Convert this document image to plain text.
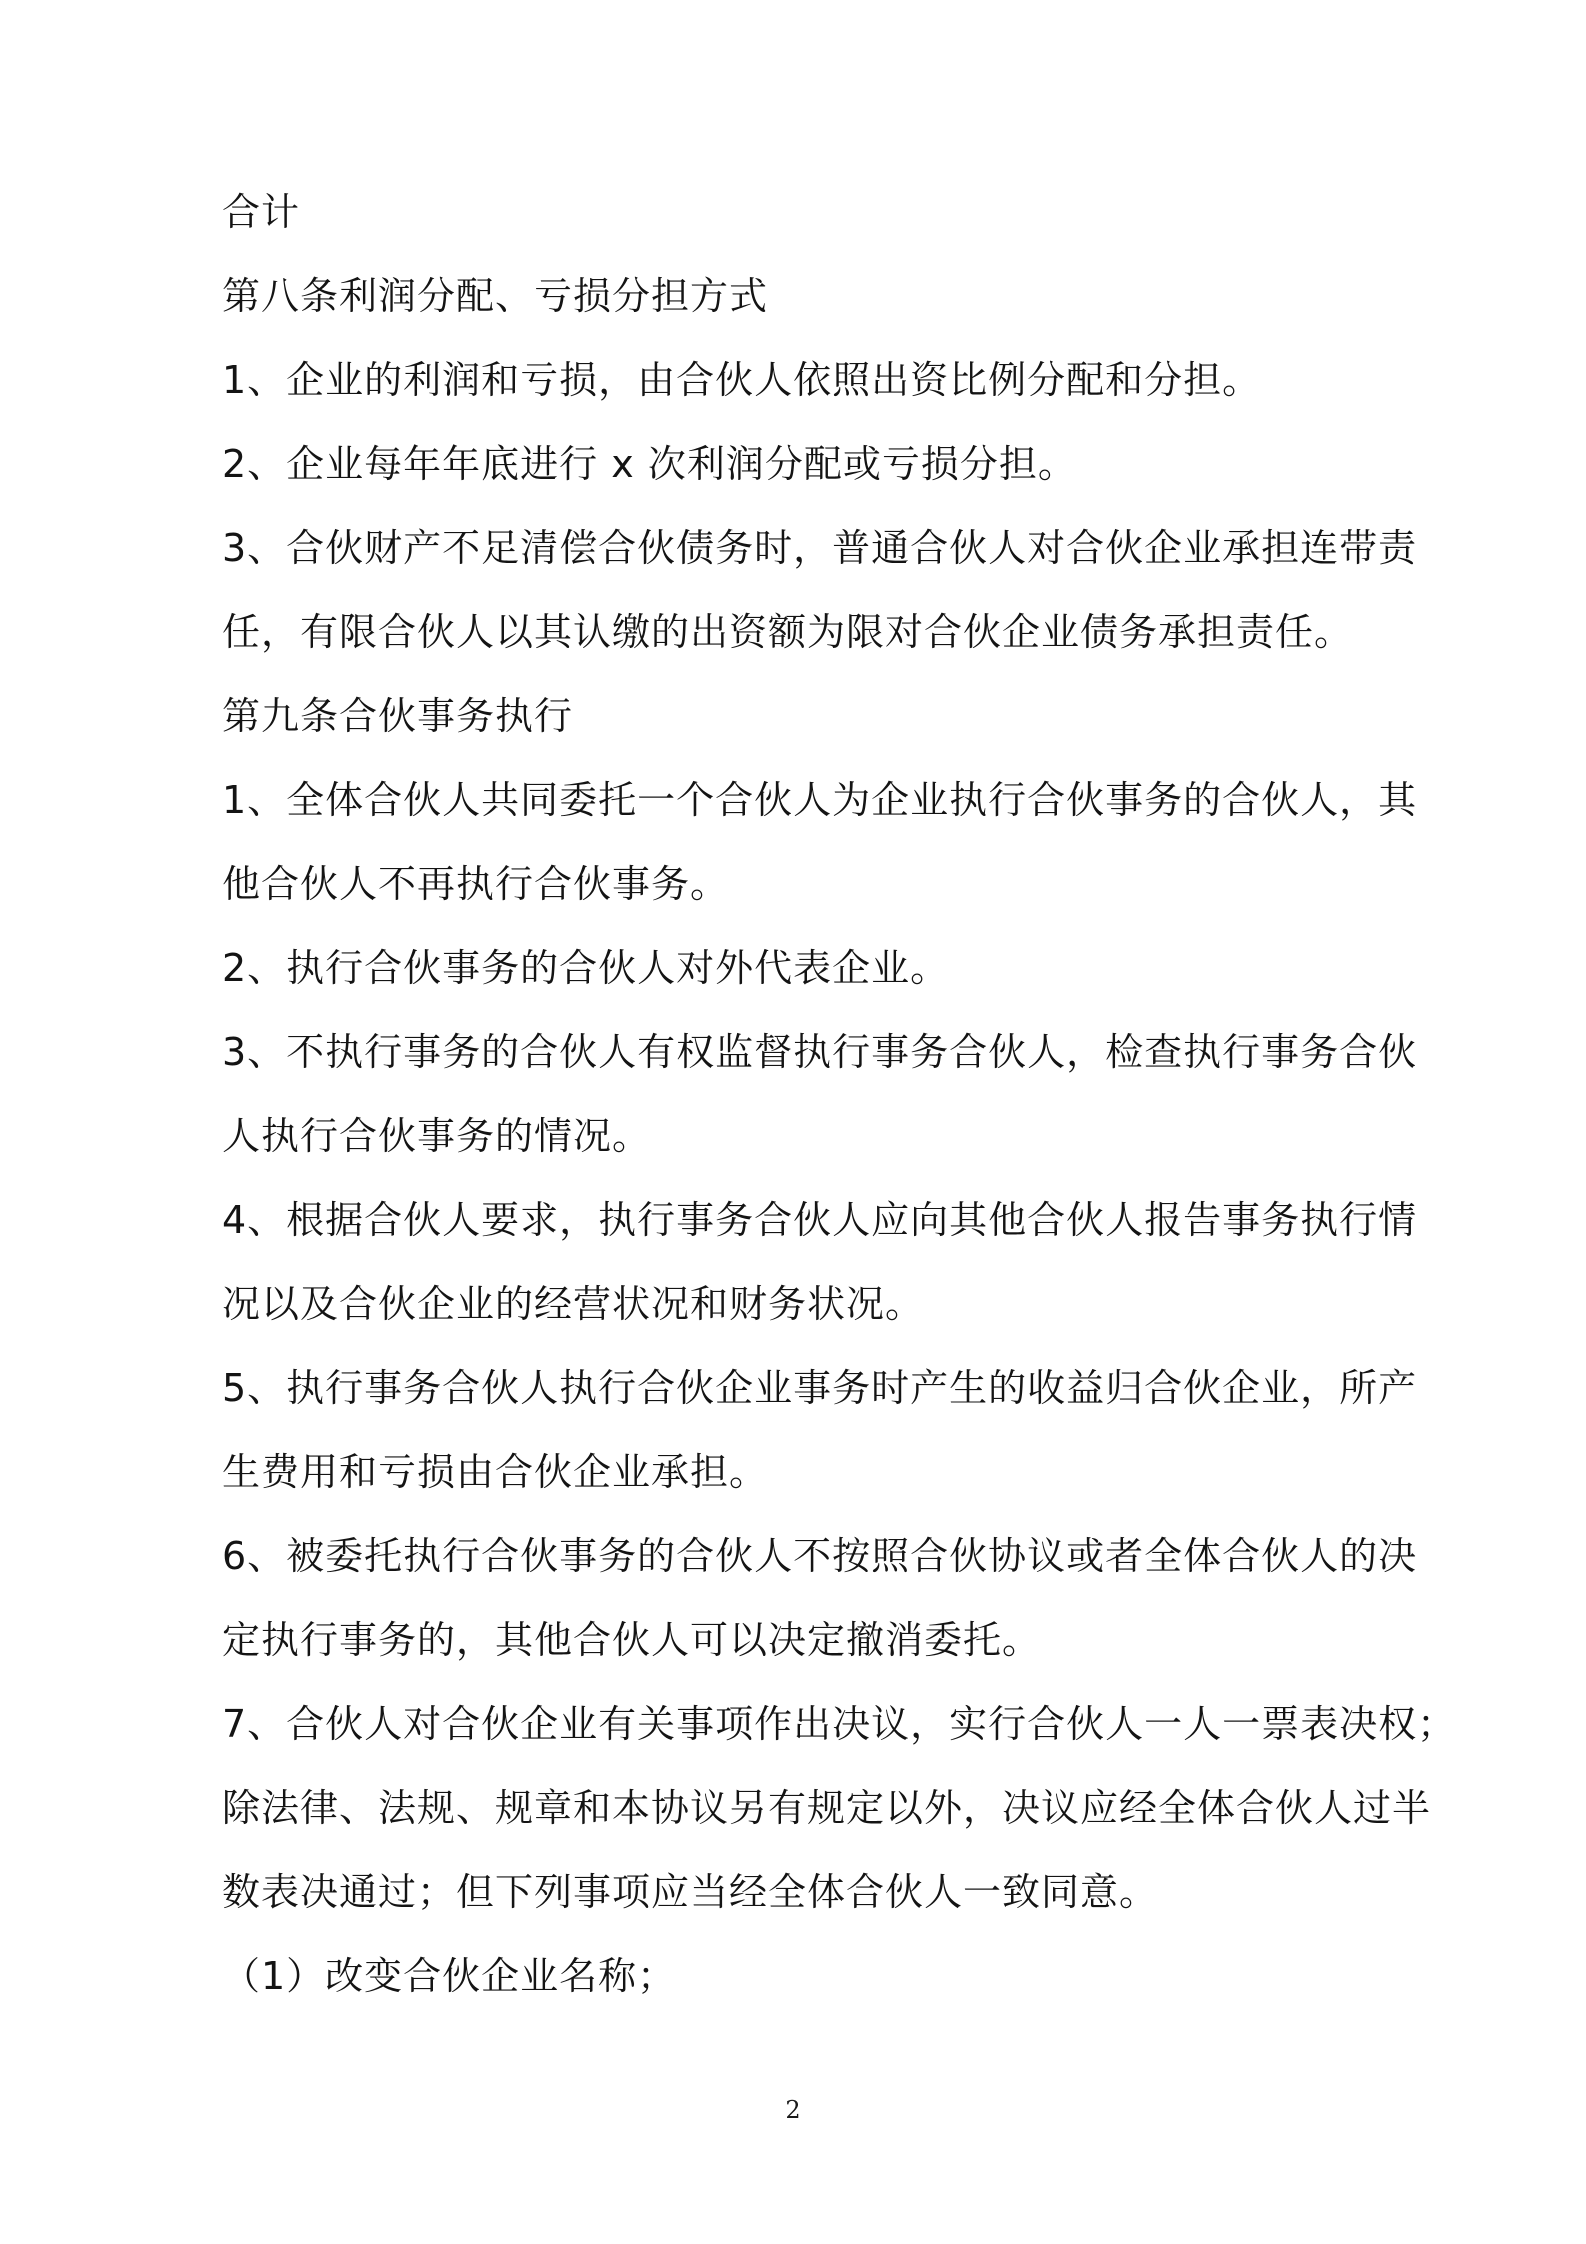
合计
第八条利润分配、亏损分担方式
1、企业的利润和亏损，由合伙人依照出资比例分配和分担。
2、企业每年年底进行 x 次利润分配或亏损分担。
3、合伙财产不足清偿合伙债务时，普通合伙人对合伙企业承担连带责
任，有限合伙人以其认缴的出资额为限对合伙企业债务承担责任。
第九条合伙事务执行
1、全体合伙人共同委托一个合伙人为企业执行合伙事务的合伙人，其
他合伙人不再执行合伙事务。
2、执行合伙事务的合伙人对外代表企业。
3、不执行事务的合伙人有权监督执行事务合伙人，检查执行事务合伙
人执行合伙事务的情况。
4、根据合伙人要求，执行事务合伙人应向其他合伙人报告事务执行情
况以及合伙企业的经营状况和财务状况。
5、执行事务合伙人执行合伙企业事务时产生的收益归合伙企业，所产
生费用和亏损由合伙企业承担。
6、被委托执行合伙事务的合伙人不按照合伙协议或者全体合伙人的决
定执行事务的，其他合伙人可以决定撤消委托。
7、合伙人对合伙企业有关事项作出决议，实行合伙人一人一票表决权；
除法律、法规、规章和本协议另有规定以外，决议应经全体合伙人过半
数表决通过；但下列事项应当经全体合伙人一致同意。
（1）改变合伙企业名称；
2
